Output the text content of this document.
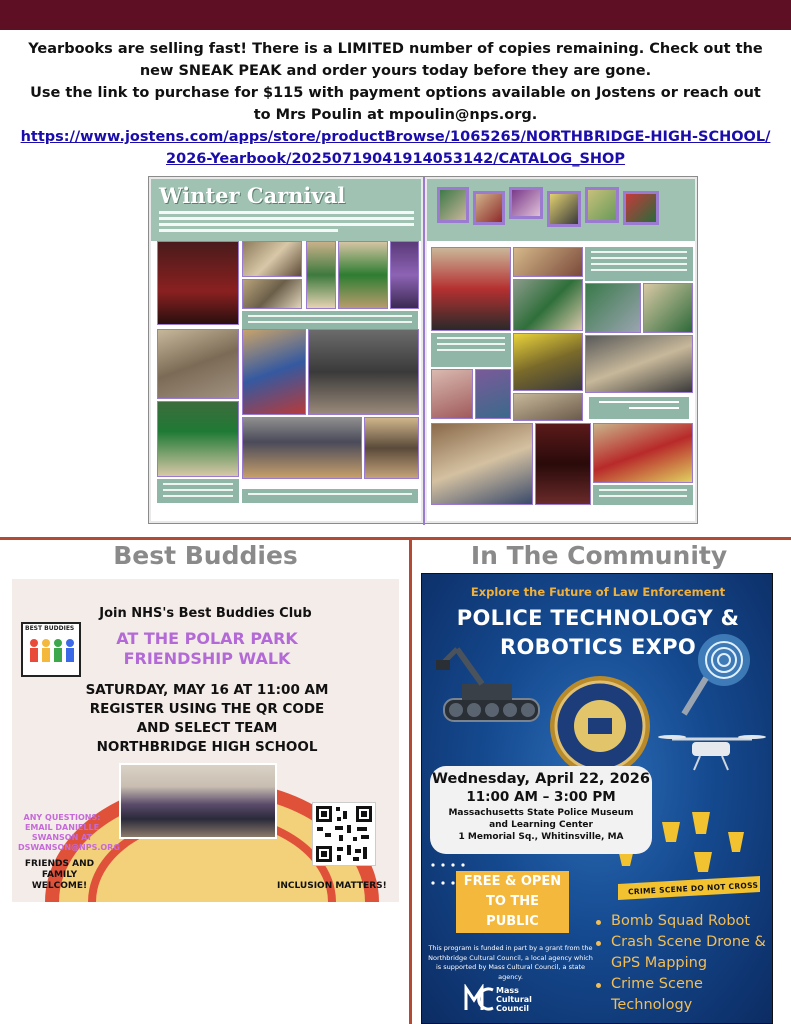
Yearbooks are selling fast! There is a LIMITED number of copies remaining. Check out the new SNEAK PEAK and order yours today before they are gone.
Use the link to purchase for $115 with payment options available on Jostens or reach out to Mrs Poulin at mpoulin@nps.org.
https://www.jostens.com/apps/store/productBrowse/1065265/NORTHBRIDGE-HIGH-SCHOOL/2026-Yearbook/20250719041914053142/CATALOG_SHOP
Winter Carnival
Best Buddies	In The Community
BEST BUDDIES
Join NHS's Best Buddies Club
AT THE POLAR PARK
FRIENDSHIP WALK
SATURDAY, MAY 16 AT 11:00 AM
REGISTER USING THE QR CODE
AND SELECT TEAM
NORTHBRIDGE HIGH SCHOOL
ANY QUESTIONS: EMAIL DANIELLE SWANSON AT DSWANSON@NPS.ORG
FRIENDS AND FAMILY WELCOME!	INCLUSION MATTERS!
Explore the Future of Law Enforcement
POLICE TECHNOLOGY &
ROBOTICS EXPO
CRIME SCENE DO NOT CROSS
Wednesday, April 22, 2026
11:00 AM – 3:00 PM
Massachusetts State Police Museum
and Learning Center
1 Memorial Sq., Whitinsville, MA
FREE & OPEN
TO THE
PUBLIC	Bomb Squad Robot
Crash Scene Drone & GPS Mapping
Crime Scene Technology
This program is funded in part by a grant from the Northbridge Cultural Council, a local agency which is supported by Mass Cultural Council, a state agency.
Mass
Cultural
Council
